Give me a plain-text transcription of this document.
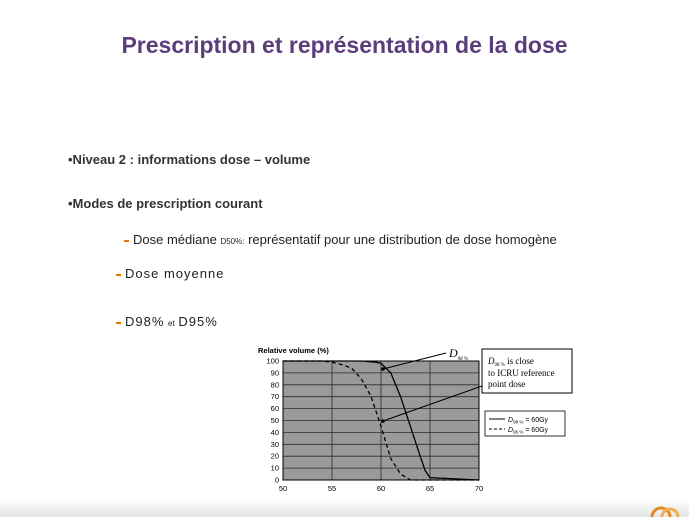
Prescription et représentation de la dose
•Niveau 2 : informations dose – volume
•Modes de prescription courant
Dose médiane D50%: représentatif pour une distribution de dose homogène
Dose moyenne
D98% et D95%
100
90
80
70
60
50
40
30
20
10
0
50	55	60	65	70
Relative volume (%)	$D_{98 \%}$ $D_{98 \%}$ is close
to ICRU reference
point dose
$D_{98 \%} = 60Gy$
$D_{95 \%} = 60Gy$
